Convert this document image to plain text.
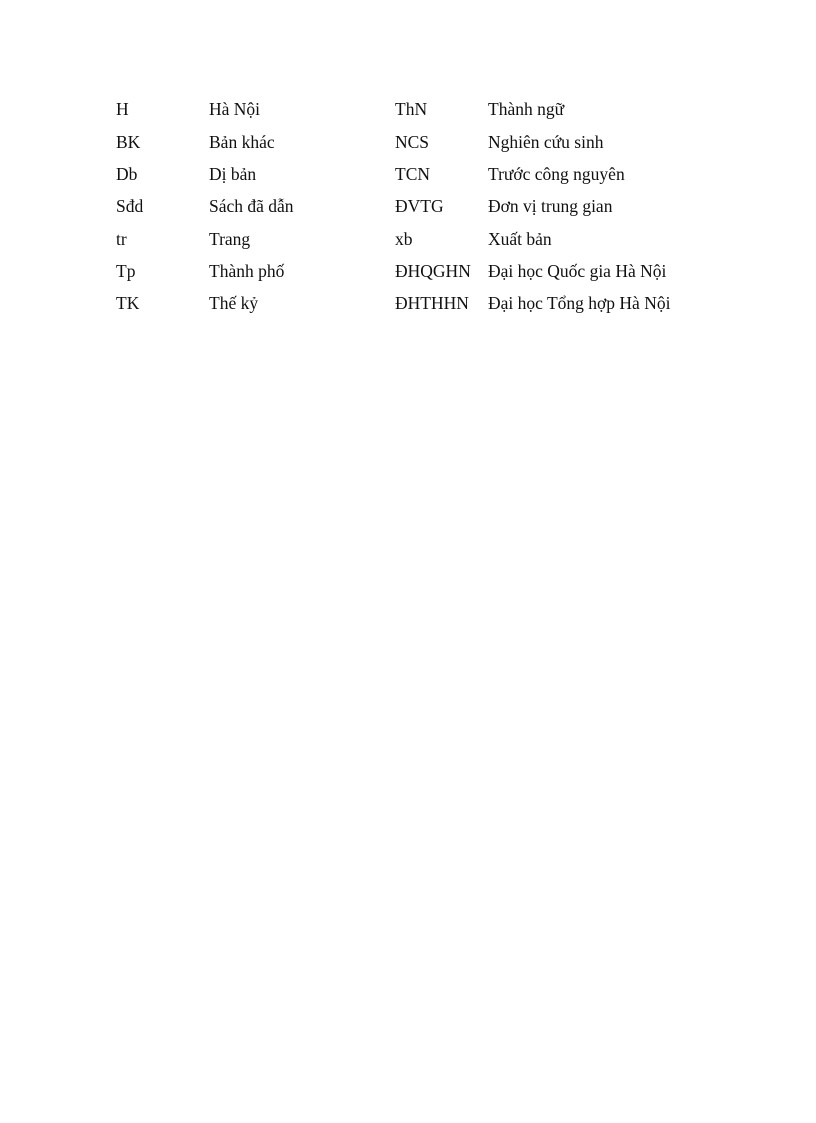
H	Hà Nội	ThN	Thành ngữ
BK	Bản khác	NCS	Nghiên cứu sinh
Db	Dị bản	TCN	Trước công nguyên
Sđd	Sách đã dẫn	ĐVTG	Đơn vị trung gian
tr	Trang	xb	Xuất bản
Tp	Thành phố	ĐHQGHN	Đại học Quốc gia Hà Nội
TK	Thế kỷ	ĐHTHHN	Đại học Tổng hợp Hà Nội
